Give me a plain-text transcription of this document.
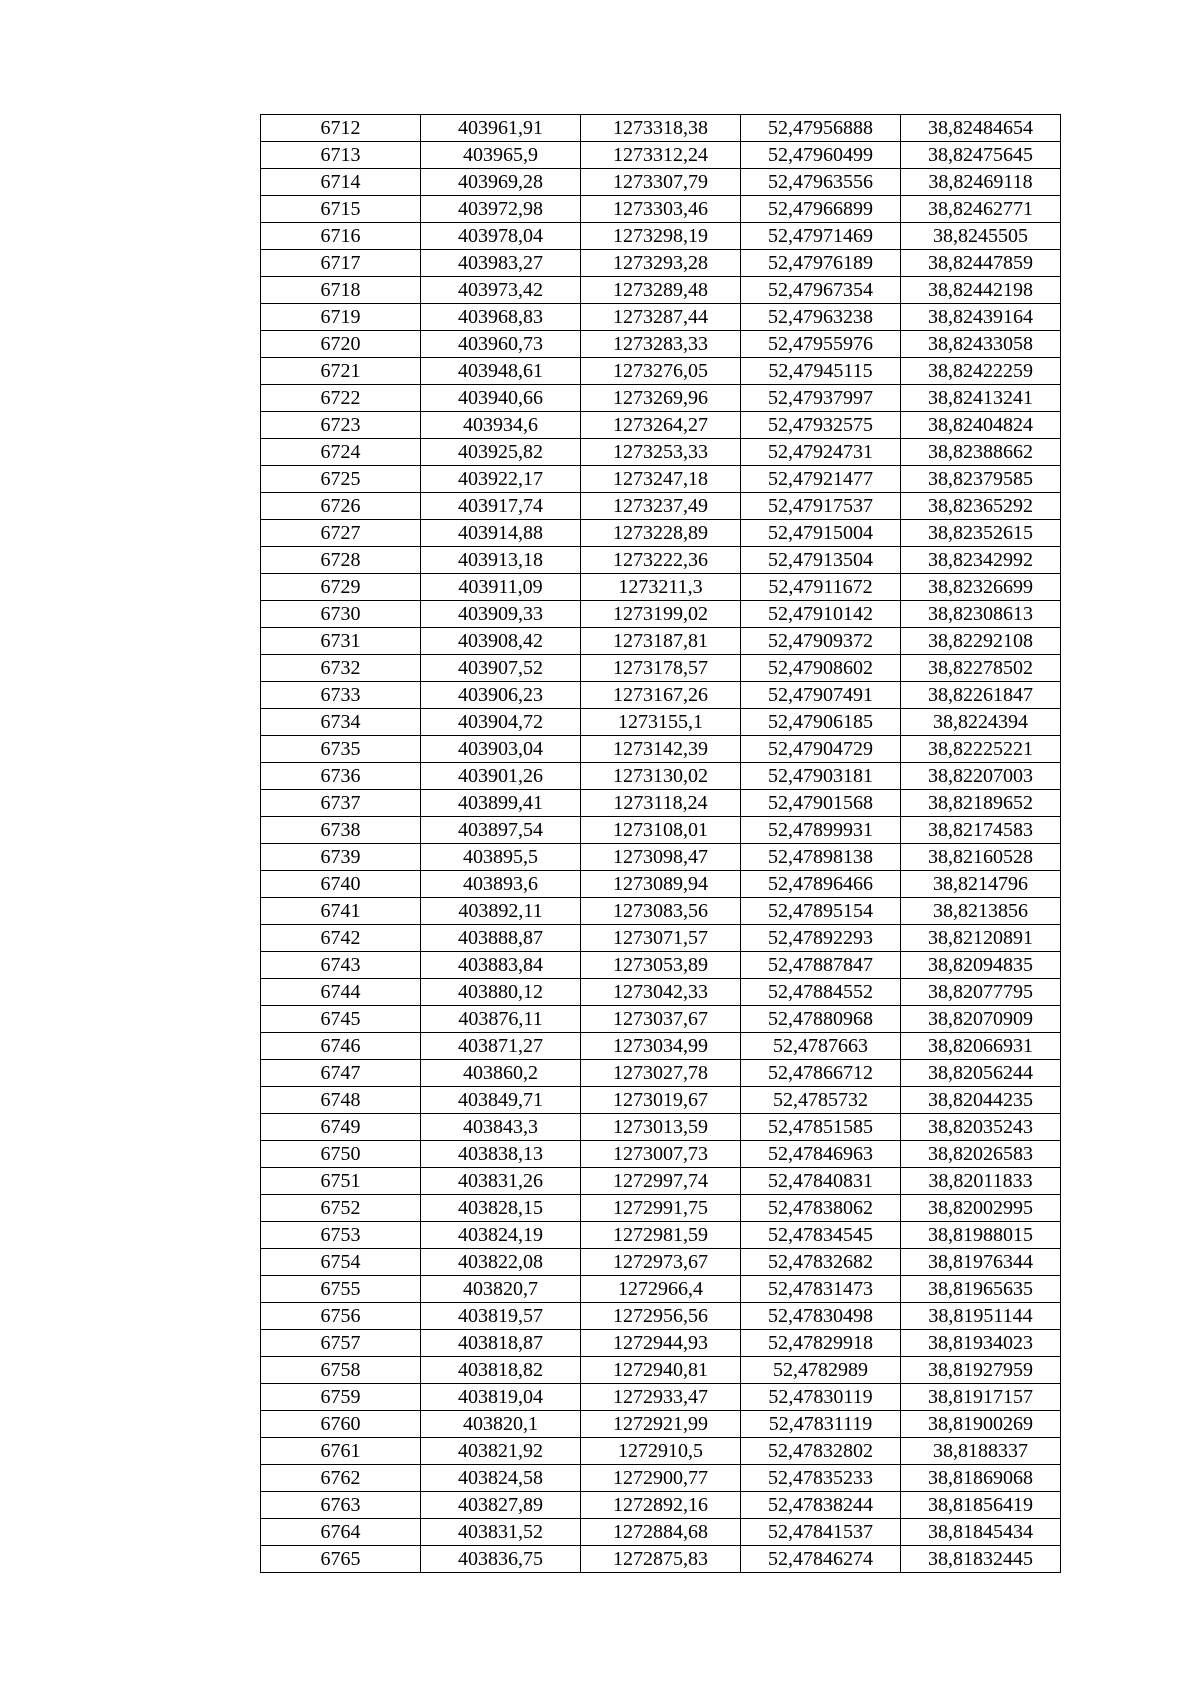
6712	403961,91	1273318,38	52,47956888	38,82484654
6713	403965,9	1273312,24	52,47960499	38,82475645
6714	403969,28	1273307,79	52,47963556	38,82469118
6715	403972,98	1273303,46	52,47966899	38,82462771
6716	403978,04	1273298,19	52,47971469	38,8245505
6717	403983,27	1273293,28	52,47976189	38,82447859
6718	403973,42	1273289,48	52,47967354	38,82442198
6719	403968,83	1273287,44	52,47963238	38,82439164
6720	403960,73	1273283,33	52,47955976	38,82433058
6721	403948,61	1273276,05	52,47945115	38,82422259
6722	403940,66	1273269,96	52,47937997	38,82413241
6723	403934,6	1273264,27	52,47932575	38,82404824
6724	403925,82	1273253,33	52,47924731	38,82388662
6725	403922,17	1273247,18	52,47921477	38,82379585
6726	403917,74	1273237,49	52,47917537	38,82365292
6727	403914,88	1273228,89	52,47915004	38,82352615
6728	403913,18	1273222,36	52,47913504	38,82342992
6729	403911,09	1273211,3	52,47911672	38,82326699
6730	403909,33	1273199,02	52,47910142	38,82308613
6731	403908,42	1273187,81	52,47909372	38,82292108
6732	403907,52	1273178,57	52,47908602	38,82278502
6733	403906,23	1273167,26	52,47907491	38,82261847
6734	403904,72	1273155,1	52,47906185	38,8224394
6735	403903,04	1273142,39	52,47904729	38,82225221
6736	403901,26	1273130,02	52,47903181	38,82207003
6737	403899,41	1273118,24	52,47901568	38,82189652
6738	403897,54	1273108,01	52,47899931	38,82174583
6739	403895,5	1273098,47	52,47898138	38,82160528
6740	403893,6	1273089,94	52,47896466	38,8214796
6741	403892,11	1273083,56	52,47895154	38,8213856
6742	403888,87	1273071,57	52,47892293	38,82120891
6743	403883,84	1273053,89	52,47887847	38,82094835
6744	403880,12	1273042,33	52,47884552	38,82077795
6745	403876,11	1273037,67	52,47880968	38,82070909
6746	403871,27	1273034,99	52,4787663	38,82066931
6747	403860,2	1273027,78	52,47866712	38,82056244
6748	403849,71	1273019,67	52,4785732	38,82044235
6749	403843,3	1273013,59	52,47851585	38,82035243
6750	403838,13	1273007,73	52,47846963	38,82026583
6751	403831,26	1272997,74	52,47840831	38,82011833
6752	403828,15	1272991,75	52,47838062	38,82002995
6753	403824,19	1272981,59	52,47834545	38,81988015
6754	403822,08	1272973,67	52,47832682	38,81976344
6755	403820,7	1272966,4	52,47831473	38,81965635
6756	403819,57	1272956,56	52,47830498	38,81951144
6757	403818,87	1272944,93	52,47829918	38,81934023
6758	403818,82	1272940,81	52,4782989	38,81927959
6759	403819,04	1272933,47	52,47830119	38,81917157
6760	403820,1	1272921,99	52,47831119	38,81900269
6761	403821,92	1272910,5	52,47832802	38,8188337
6762	403824,58	1272900,77	52,47835233	38,81869068
6763	403827,89	1272892,16	52,47838244	38,81856419
6764	403831,52	1272884,68	52,47841537	38,81845434
6765	403836,75	1272875,83	52,47846274	38,81832445
